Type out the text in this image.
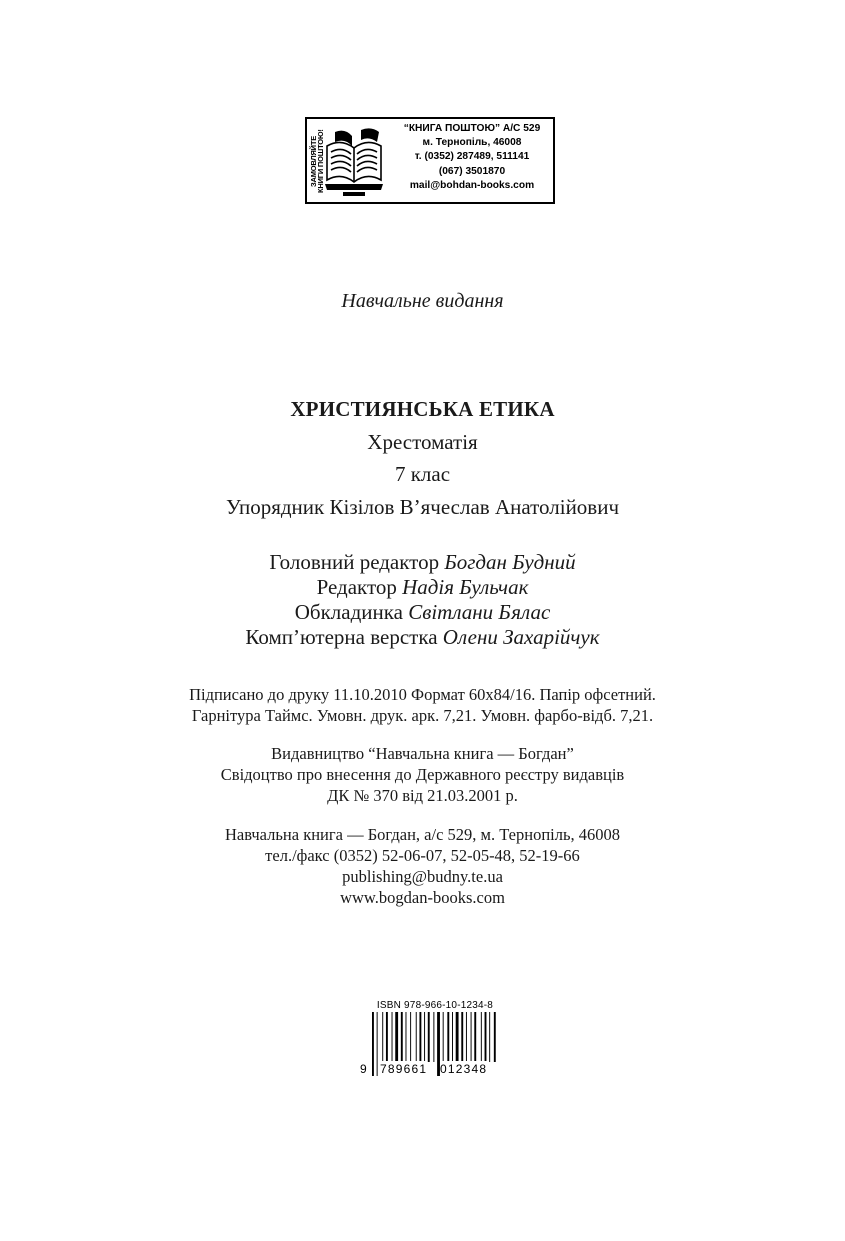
ЗАМОВЛЯЙТЕ
КНИГИ ПОШТОЮ!
“КНИГА ПОШТОЮ” А/С 529
м. Тернопіль, 46008
т. (0352) 287489, 511141
(067) 3501870
mail@bohdan-books.com
Навчальне видання
ХРИСТИЯНСЬКА ЕТИКА
Хрестоматія
7 клас
Упорядник Кізілов В’ячеслав Анатолійович
Головний редактор Богдан Будний
Редактор Надія Бульчак
Обкладинка Світлани Бялас
Комп’ютерна верстка Олени Захарійчук
Підписано до друку 11.10.2010 Формат 60х84/16. Папір офсетний.
Гарнітура Таймс. Умовн. друк. арк. 7,21. Умовн. фарбо-відб. 7,21.
Видавництво “Навчальна книга — Богдан”
Свідоцтво про внесення до Державного реєстру видавців
ДК № 370 від 21.03.2001 р.
Навчальна книга — Богдан, а/с 529, м. Тернопіль, 46008
тел./факс (0352) 52-06-07, 52-05-48, 52-19-66
publishing@budny.te.ua
www.bogdan-books.com
ISBN 978-966-10-1234-8
9 789661 012348
